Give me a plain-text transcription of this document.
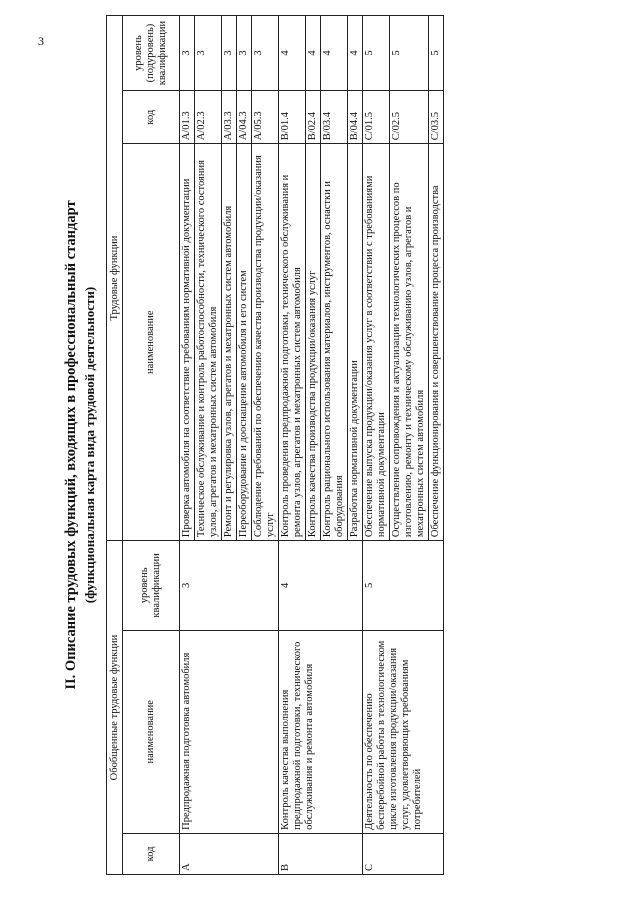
3
II. Описание трудовых функций, входящих в профессиональный стандарт (функциональная карта вида трудовой деятельности)
Обобщенные трудовые функции			Трудовые функции		
код	наименование	уровень квалификации	наименование	код	уровень (подуровень) квалификации
A	Предпродажная подготовка автомобиля	3	Проверка автомобиля на соответствие требованиям нормативной документации	A/01.3	3
			Техническое обслуживание и контроль работоспособности, технического состояния узлов, агрегатов и мехатронных систем автомобиля	A/02.3	3
			Ремонт и регулировка узлов, агрегатов и мехатронных систем автомобиля	A/03.3	3
			Переоборудование и дооснащение автомобиля и его систем	A/04.3	3
			Соблюдение требований по обеспечению качества производства продукции/оказания услуг	A/05.3	3
B	Контроль качества выполнения предпродажной подготовки, технического обслуживания и ремонта автомобиля	4	Контроль проведения предпродажной подготовки, технического обслуживания и ремонта узлов, агрегатов и мехатронных систем автомобиля	B/01.4	4
			Контроль качества производства продукции/оказания услуг	B/02.4	4
			Контроль рационального использования материалов, инструментов, оснастки и оборудования	B/03.4	4
			Разработка нормативной документации	B/04.4	4
C	Деятельность по обеспечению бесперебойной работы в технологическом цикле изготовления продукции/оказания услуг, удовлетворяющих требованиям потребителей	5	Обеспечение выпуска продукции/оказания услуг в соответствии с требованиями нормативной документации	C/01.5	5
			Осуществление сопровождения и актуализации технологических процессов по изготовлению, ремонту и техническому обслуживанию узлов, агрегатов и мехатронных систем автомобиля	C/02.5	5
			Обеспечение функционирования и совершенствование процесса производства	C/03.5	5
